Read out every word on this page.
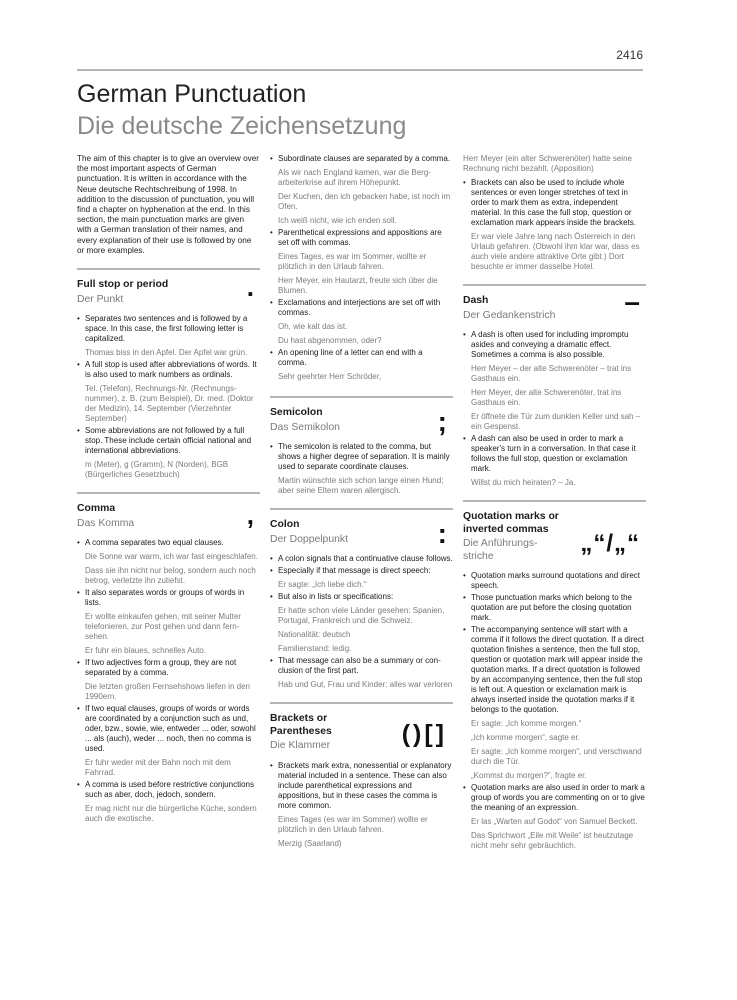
2416
German Punctuation
Die deutsche Zeichensetzung

The aim of this chapter is to give an overview over the most important aspects of German punctuation. It is written in accordance with the Neue deutsche Rechtschreibung of 1998. In addition to the discussion of punctuation, you will find a chapter on hyphenation at the end. In this section, the main punctuation marks are given with a German translation of their names, and every explanation of their use is followed by one or more examples.

Full stop or period
Der Punkt	.
• Separates two sentences and is followed by a space. In this case, the first following letter is capitalized.
Thomas biss in den Apfel. Der Apfel war grün.
• A full stop is used after abbreviations of words. It is also used to mark numbers as ordinals.
Tel. (Telefon), Rechnungs-Nr. (Rechnungsnummer), z. B. (zum Beispiel), Dr. med. (Doktor der Medizin), 14. September (Vierzehnter September)
• Some abbreviations are not followed by a full stop. These include certain official national and international abbreviations.
m (Meter), g (Gramm), N (Norden), BGB (Bürgerliches Gesetzbuch)
Comma
Das Komma	,
• A comma separates two equal clauses.
Die Sonne war warm, ich war fast eingeschlafen.
Dass sie ihn nicht nur belog, sondern auch noch betrog, verletzte ihn zutiefst.
• It also separates words or groups of words in lists.
Er wollte einkaufen gehen, mit seiner Mutter telefonieren, zur Post gehen und dann fernsehen.
Er fuhr ein blaues, schnelles Auto.
• If two adjectives form a group, they are not separated by a comma.
Die letzten großen Fernsehshows liefen in den 1990ern.
• If two equal clauses, groups of words or words are coordinated by a conjunction such as und, oder, bzw., sowie, wie, entweder ... oder, sowohl ... als (auch), weder ... noch, then no comma is used.
Er fuhr weder mit der Bahn noch mit dem Fahrrad.
• A comma is used before restrictive conjunctions such as aber, doch, jedoch, sondern.
Er mag nicht nur die bürgerliche Küche, sondern auch die exotische.
• Subordinate clauses are separated by a comma.
Als wir nach England kamen, war die Bergarbeiterkrise auf ihrem Höhepunkt.
Der Kuchen, den ich gebacken habe, ist noch im Ofen.
Ich weiß nicht, wie ich enden soll.
• Parenthetical expressions and appositions are set off with commas.
Eines Tages, es war im Sommer, wollte er plötzlich in den Urlaub fahren.
Herr Meyer, ein Hautarzt, freute sich über die Blumen.
• Exclamations and interjections are set off with commas.
Oh, wie kalt das ist.
Du hast abgenommen, oder?
• An opening line of a letter can end with a comma.
Sehr geehrter Herr Schröder,
Semicolon
Das Semikolon	;
• The semicolon is related to the comma, but shows a higher degree of separation. It is mainly used to separate coordinate clauses.
Martin wünschte sich schon lange einen Hund; aber seine Eltern waren allergisch.
Colon
Der Doppelpunkt	:
• A colon signals that a continuative clause follows.
• Especially if that message is direct speech:
Er sagte: „Ich liebe dich.“
• But also in lists or specifications:
Er hatte schon viele Länder gesehen: Spanien, Portugal, Frankreich und die Schweiz.
Nationalität: deutsch
Familienstand: ledig.
• That message can also be a summary or conclusion of the first part.
Hab und Gut, Frau und Kinder: alles war verloren
Brackets or Parentheses
Die Klammer	()[]
• Brackets mark extra, nonessential or explanatory material included in a sentence. These can also include parenthetical expressions and appositions, but in these cases the comma is more common.
Eines Tages (es war im Sommer) wollte er plötzlich in den Urlaub fahren.
Merzig (Saarland)
Herr Meyer (ein alter Schwerenöter) hatte seine Rechnung nicht bezahlt. (Apposition)
• Brackets can also be used to include whole sentences or even longer stretches of text in order to mark them as extra, independent material. In this case the full stop, question or exclamation mark appears inside the brackets.
Er war viele Jahre lang nach Österreich in den Urlaub gefahren. (Obwohl ihm klar war, dass es auch viele andere attraktive Orte gibt.) Dort besuchte er immer dasselbe Hotel.
Dash
Der Gedankenstrich	–
• A dash is often used for including impromptu asides and conveying a dramatic effect. Sometimes a comma is also possible.
Herr Meyer – der alte Schwerenöter – trat ins Gasthaus ein.
Herr Meyer, der alte Schwerenöter, trat ins Gasthaus ein.
Er öffnete die Tür zum dunklen Keller und sah – ein Gespenst.
• A dash can also be used in order to mark a speaker's turn in a conversation. In that case it follows the full stop, question or exclamation mark.
Willst du mich heiraten? – Ja.
Quotation marks or inverted commas
Die Anführungsstriche	„“/„“
• Quotation marks surround quotations and direct speech.
• Those punctuation marks which belong to the quotation are put before the closing quotation mark.
• The accompanying sentence will start with a comma if it follows the direct quotation. If a direct quotation finishes a sentence, then the full stop, question or quotation mark will appear inside the quotation marks. If a direct quotation is followed by an accompanying sentence, then the full stop is left out. A question or exclamation mark is always inserted inside the quotation marks if it belongs to the quotation.
Er sagte: „Ich komme morgen.“
„Ich komme morgen“, sagte er.
Er sagte: „Ich komme morgen“, und verschwand durch die Tür.
„Kommst du morgen?“, fragte er.
• Quotation marks are also used in order to mark a group of words you are commenting on or to give the meaning of an expression.
Er las „Warten auf Godot“ von Samuel Beckett.
Das Sprichwort „Eile mit Weile“ ist heutzutage nicht mehr sehr gebräuchlich.
